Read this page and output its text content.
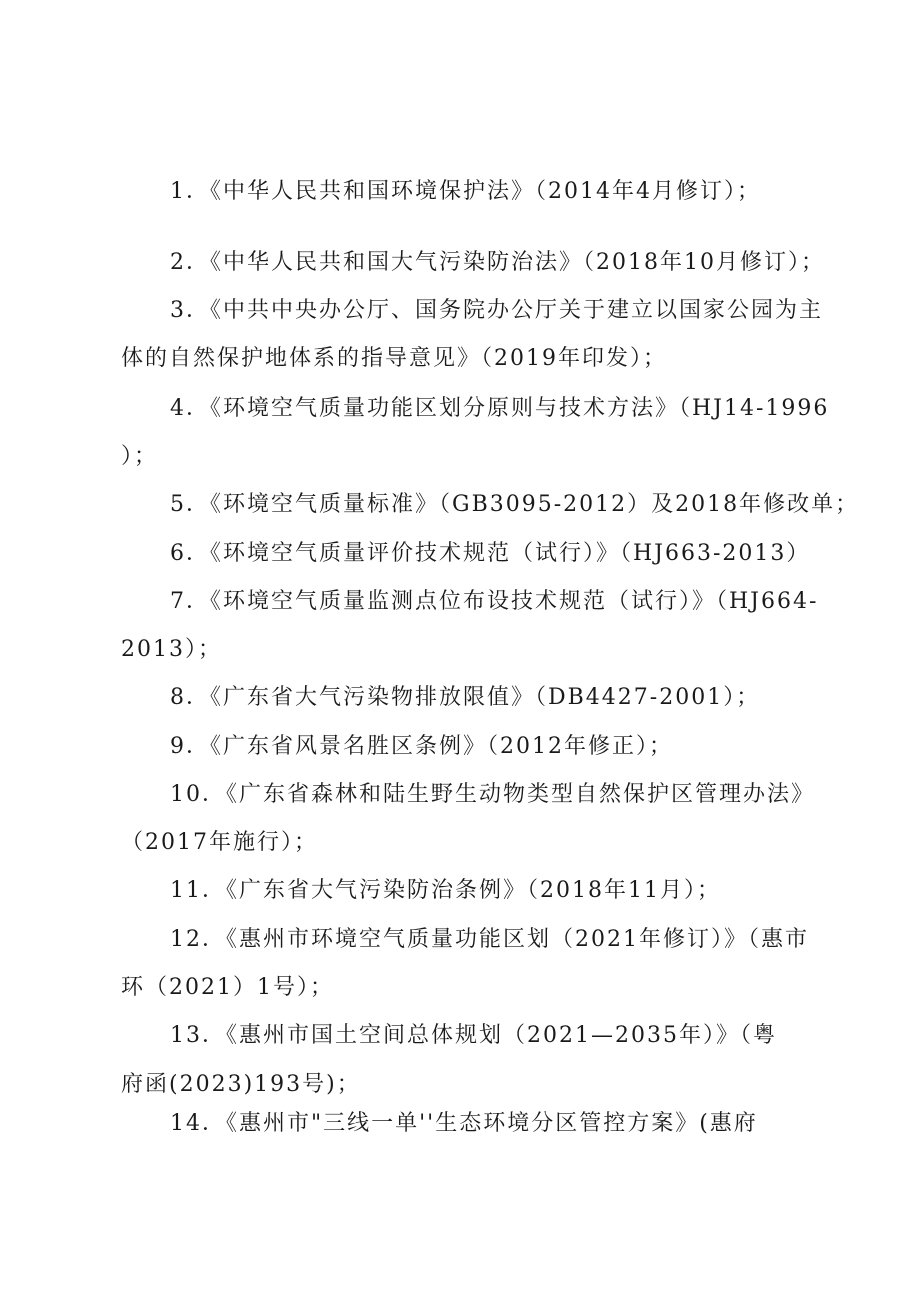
1．《中华人民共和国环境保护法》（2014年4月修订）；
2．《中华人民共和国大气污染防治法》（2018年10月修订）；
3．《中共中央办公厅、国务院办公厅关于建立以国家公园为主
体的自然保护地体系的指导意见》（2019年印发）；
4．《环境空气质量功能区划分原则与技术方法》（HJ14-1996
）；
5．《环境空气质量标准》（GB3095-2012）及2018年修改单；
6．《环境空气质量评价技术规范（试行）》（HJ663-2013）
7．《环境空气质量监测点位布设技术规范（试行）》（HJ664-
2013）；
8．《广东省大气污染物排放限值》（DB4427-2001）；
9．《广东省风景名胜区条例》（2012年修正）；
10．《广东省森林和陆生野生动物类型自然保护区管理办法》
（2017年施行）；
11．《广东省大气污染防治条例》（2018年11月）；
12．《惠州市环境空气质量功能区划（2021年修订）》（惠市
环（2021）1号）；
13．《惠州市国土空间总体规划（2021—2035年）》（粤
府函(2023)193号)；
14．《惠州市"三线一单''生态环境分区管控方案》(惠府
